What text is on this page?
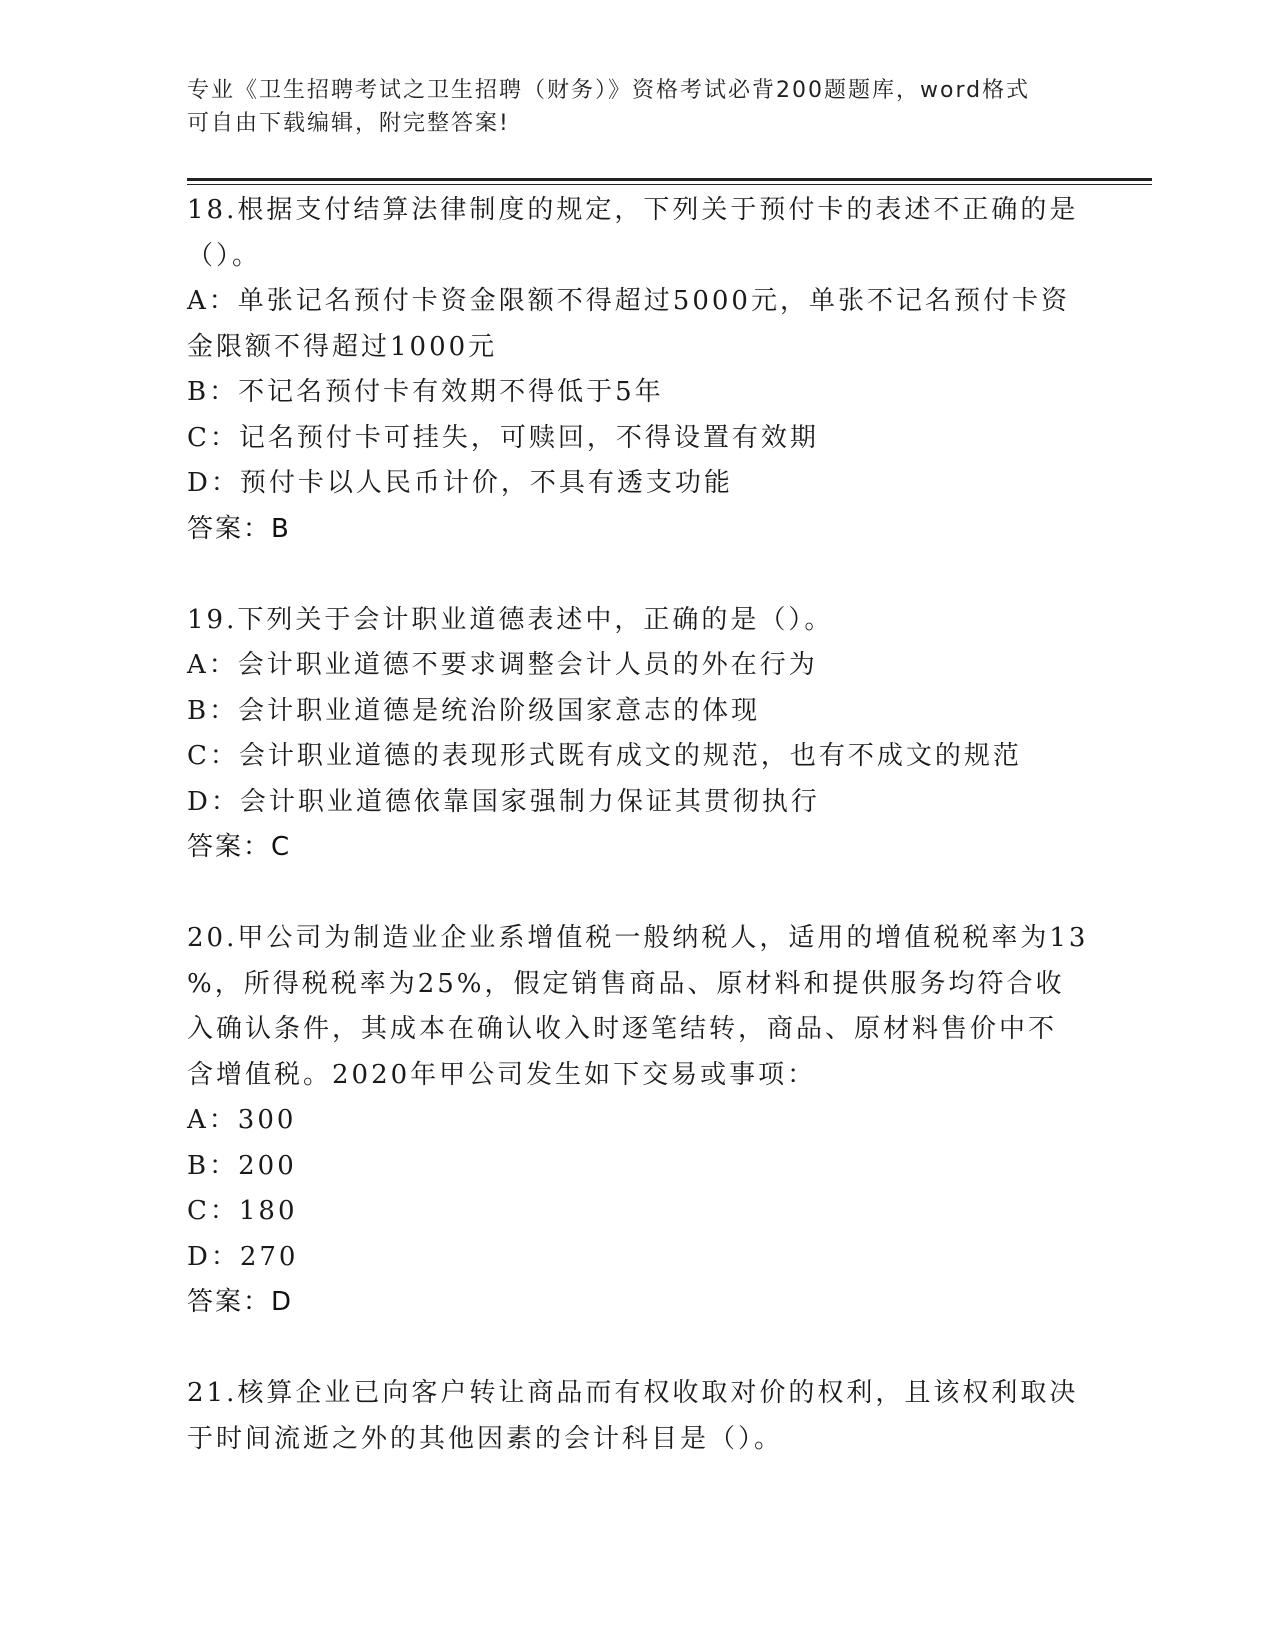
专业《卫生招聘考试之卫生招聘（财务）》资格考试必背200题题库，word格式
可自由下载编辑，附完整答案!
18.根据支付结算法律制度的规定，下列关于预付卡的表述不正确的是
（）。
A：单张记名预付卡资金限额不得超过5000元，单张不记名预付卡资
金限额不得超过1000元
B：不记名预付卡有效期不得低于5年
C：记名预付卡可挂失，可赎回，不得设置有效期
D：预付卡以人民币计价，不具有透支功能
答案：B
19.下列关于会计职业道德表述中，正确的是（）。
A：会计职业道德不要求调整会计人员的外在行为
B：会计职业道德是统治阶级国家意志的体现
C：会计职业道德的表现形式既有成文的规范，也有不成文的规范
D：会计职业道德依靠国家强制力保证其贯彻执行
答案：C
20.甲公司为制造业企业系增值税一般纳税人，适用的增值税税率为13
%，所得税税率为25%，假定销售商品、原材料和提供服务均符合收
入确认条件，其成本在确认收入时逐笔结转，商品、原材料售价中不
含增值税。2020年甲公司发生如下交易或事项：
A：300
B：200
C：180
D：270
答案：D
21.核算企业已向客户转让商品而有权收取对价的权利，且该权利取决
于时间流逝之外的其他因素的会计科目是（）。
